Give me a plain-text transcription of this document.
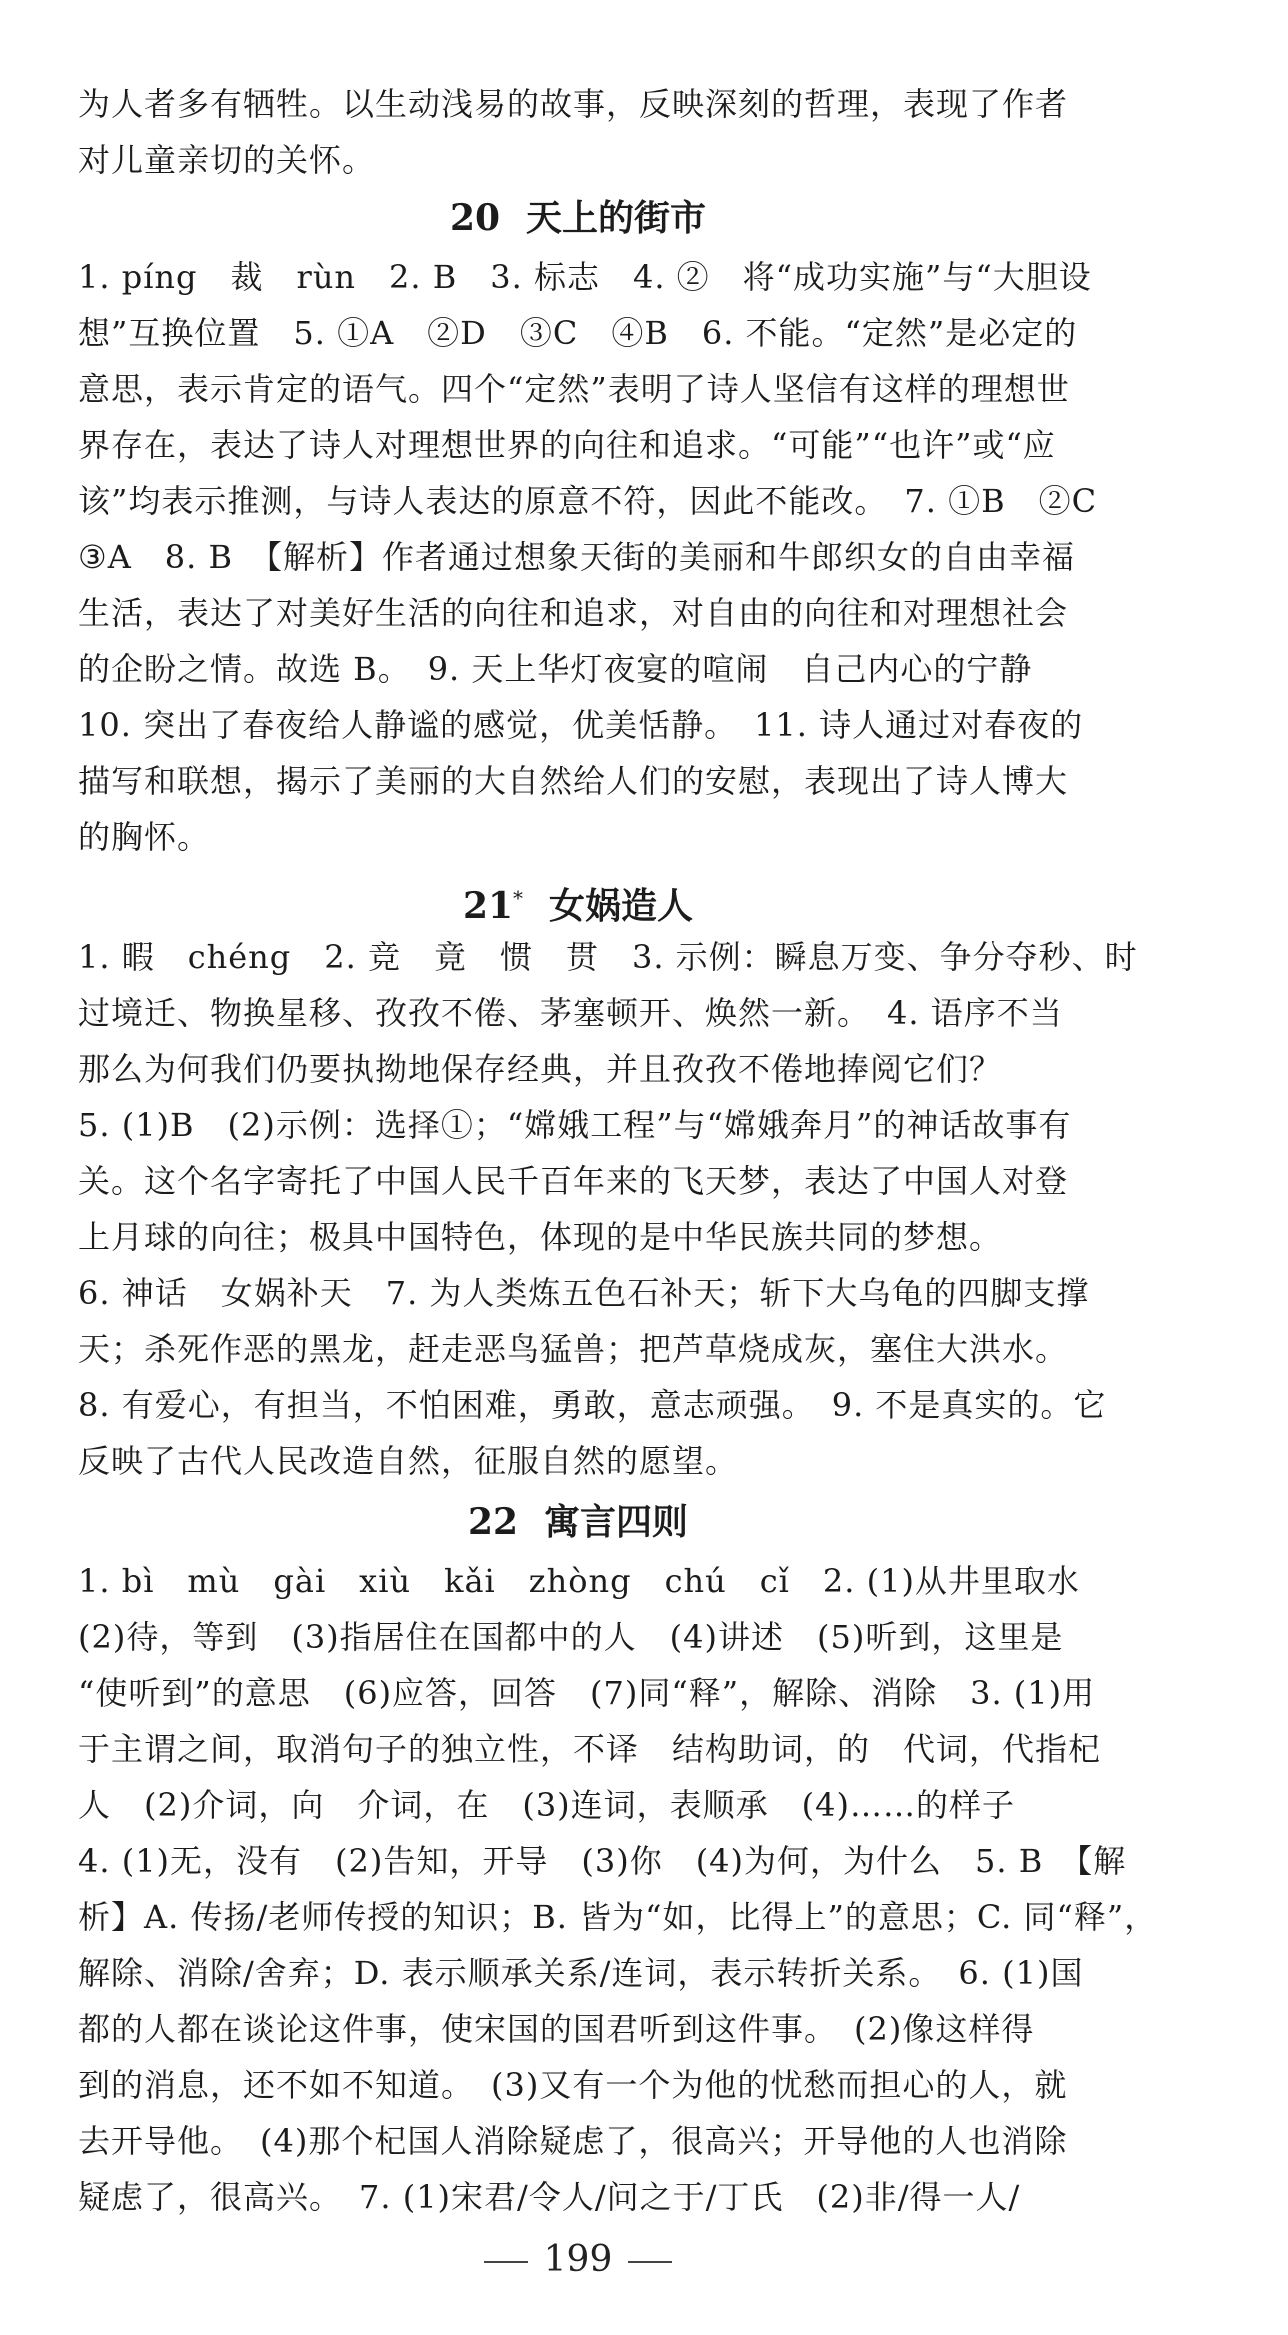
为人者多有牺牲。以生动浅易的故事，反映深刻的哲理，表现了作者
对儿童亲切的关怀。
20 天上的街市
1. píng　裁　rùn　2. B　3. 标志　4. ②　将“成功实施”与“大胆设
想”互换位置　5. ①A　②D　③C　④B　6. 不能。“定然”是必定的
意思，表示肯定的语气。四个“定然”表明了诗人坚信有这样的理想世
界存在，表达了诗人对理想世界的向往和追求。“可能”“也许”或“应
该”均表示推测，与诗人表达的原意不符，因此不能改。　7. ①B　②C
③A　8. B　【解析】作者通过想象天街的美丽和牛郎织女的自由幸福
生活，表达了对美好生活的向往和追求，对自由的向往和对理想社会
的企盼之情。故选 B。　9. 天上华灯夜宴的喧闹　自己内心的宁静
10. 突出了春夜给人静谧的感觉，优美恬静。　11. 诗人通过对春夜的
描写和联想，揭示了美丽的大自然给人们的安慰，表现出了诗人博大
的胸怀。
21* 女娲造人
1. 暇　chéng　2. 竞　竟　惯　贯　3. 示例：瞬息万变、争分夺秒、时
过境迁、物换星移、孜孜不倦、茅塞顿开、焕然一新。　4. 语序不当
那么为何我们仍要执拗地保存经典，并且孜孜不倦地捧阅它们？
5. (1)B　(2)示例：选择①；“嫦娥工程”与“嫦娥奔月”的神话故事有
关。这个名字寄托了中国人民千百年来的飞天梦，表达了中国人对登
上月球的向往；极具中国特色，体现的是中华民族共同的梦想。
6. 神话　女娲补天　7. 为人类炼五色石补天；斩下大乌龟的四脚支撑
天；杀死作恶的黑龙，赶走恶鸟猛兽；把芦草烧成灰，塞住大洪水。
8. 有爱心，有担当，不怕困难，勇敢，意志顽强。　9. 不是真实的。它
反映了古代人民改造自然，征服自然的愿望。
22 寓言四则
1. bì　mù　gài　xiù　kǎi　zhòng　chú　cǐ　2. (1)从井里取水
(2)待，等到　(3)指居住在国都中的人　(4)讲述　(5)听到，这里是
“使听到”的意思　(6)应答，回答　(7)同“释”，解除、消除　3. (1)用
于主谓之间，取消句子的独立性，不译　结构助词，的　代词，代指杞
人　(2)介词，向　介词，在　(3)连词，表顺承　(4)……的样子
4. (1)无，没有　(2)告知，开导　(3)你　(4)为何，为什么　5. B　【解
析】A. 传扬/老师传授的知识；B. 皆为“如，比得上”的意思；C. 同“释”，
解除、消除/舍弃；D. 表示顺承关系/连词，表示转折关系。　6. (1)国
都的人都在谈论这件事，使宋国的国君听到这件事。　(2)像这样得
到的消息，还不如不知道。　(3)又有一个为他的忧愁而担心的人，就
去开导他。　(4)那个杞国人消除疑虑了，很高兴；开导他的人也消除
疑虑了，很高兴。　7. (1)宋君/令人/问之于/丁氏　(2)非/得一人/
199
